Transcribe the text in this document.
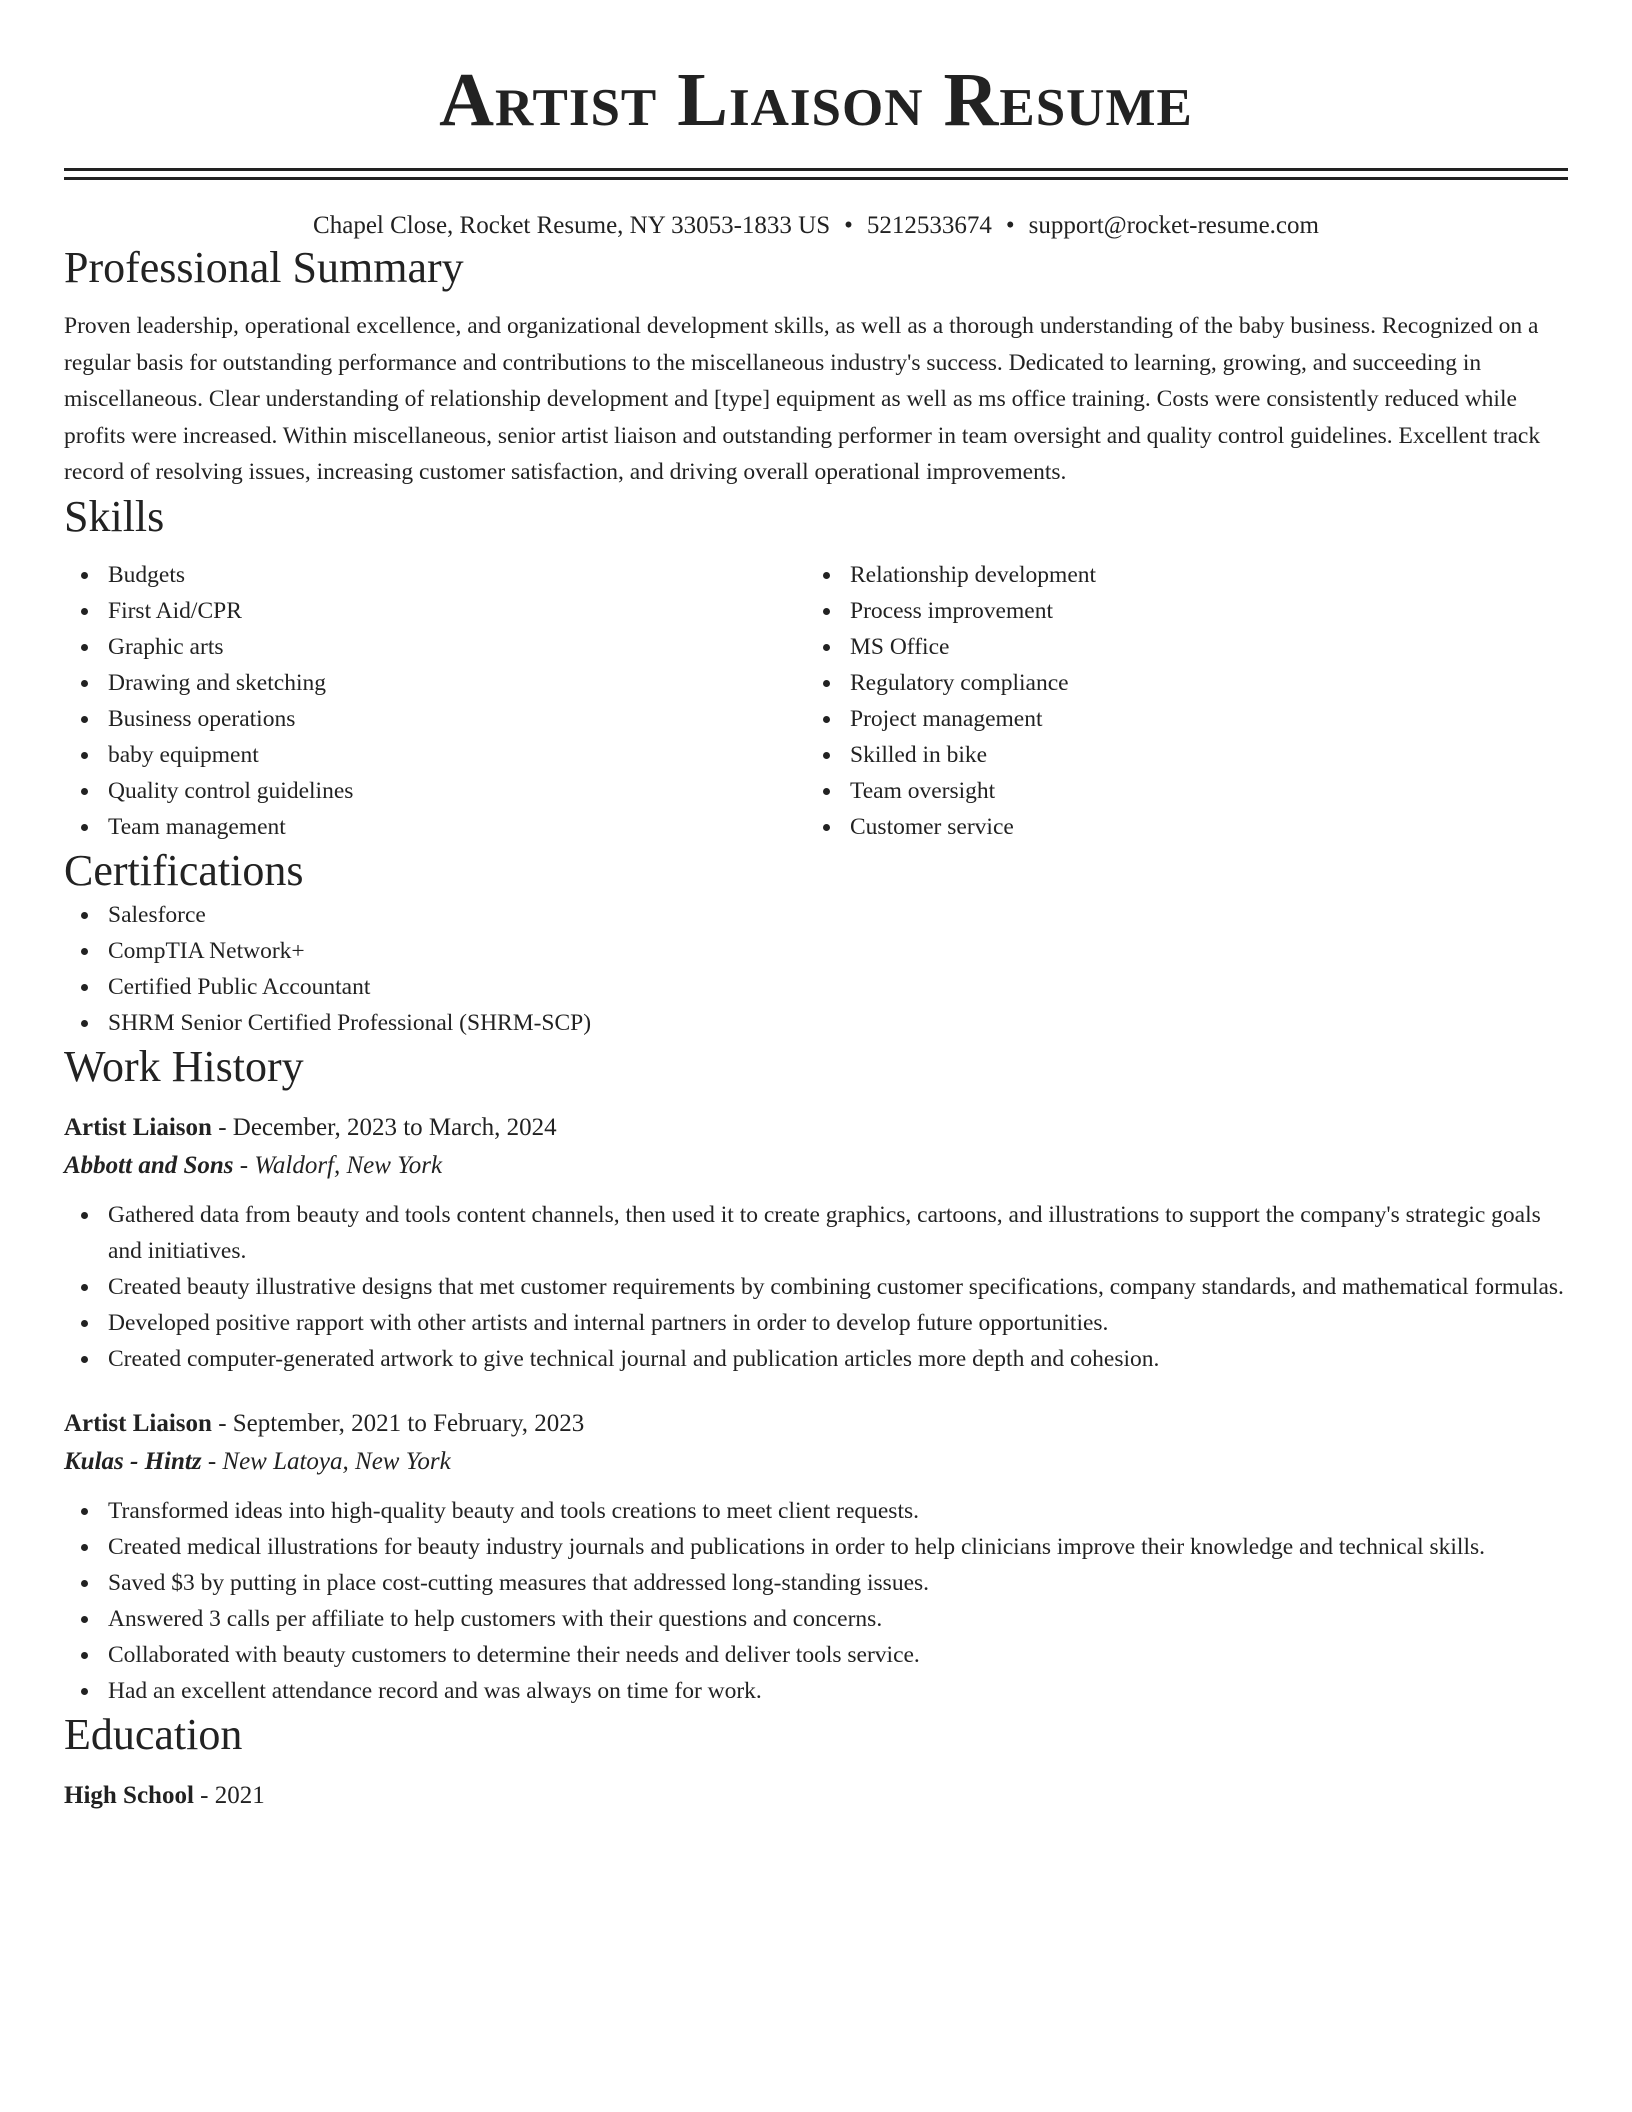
Artist Liaison Resume
Chapel Close, Rocket Resume, NY 33053-1833 US • 5212533674 • support@rocket-resume.com
Professional Summary

Proven leadership, operational excellence, and organizational development skills, as well as a thorough understanding of the baby business. Recognized on a regular basis for outstanding performance and contributions to the miscellaneous industry's success. Dedicated to learning, growing, and succeeding in miscellaneous. Clear understanding of relationship development and [type] equipment as well as ms office training. Costs were consistently reduced while profits were increased. Within miscellaneous, senior artist liaison and outstanding performer in team oversight and quality control guidelines. Excellent track record of resolving issues, increasing customer satisfaction, and driving overall operational improvements.

Skills
Budgets
First Aid/CPR
Graphic arts
Drawing and sketching
Business operations
baby equipment
Quality control guidelines
Team management
Relationship development
Process improvement
MS Office
Regulatory compliance
Project management
Skilled in bike
Team oversight
Customer service
Certifications
Salesforce
CompTIA Network+
Certified Public Accountant
SHRM Senior Certified Professional (SHRM-SCP)
Work History
Artist Liaison - December, 2023 to March, 2024
Abbott and Sons - Waldorf, New York
Gathered data from beauty and tools content channels, then used it to create graphics, cartoons, and illustrations to support the company's strategic goals and initiatives.
Created beauty illustrative designs that met customer requirements by combining customer specifications, company standards, and mathematical formulas.
Developed positive rapport with other artists and internal partners in order to develop future opportunities.
Created computer-generated artwork to give technical journal and publication articles more depth and cohesion.
Artist Liaison - September, 2021 to February, 2023
Kulas - Hintz - New Latoya, New York
Transformed ideas into high-quality beauty and tools creations to meet client requests.
Created medical illustrations for beauty industry journals and publications in order to help clinicians improve their knowledge and technical skills.
Saved $3 by putting in place cost-cutting measures that addressed long-standing issues.
Answered 3 calls per affiliate to help customers with their questions and concerns.
Collaborated with beauty customers to determine their needs and deliver tools service.
Had an excellent attendance record and was always on time for work.
Education
High School - 2021
